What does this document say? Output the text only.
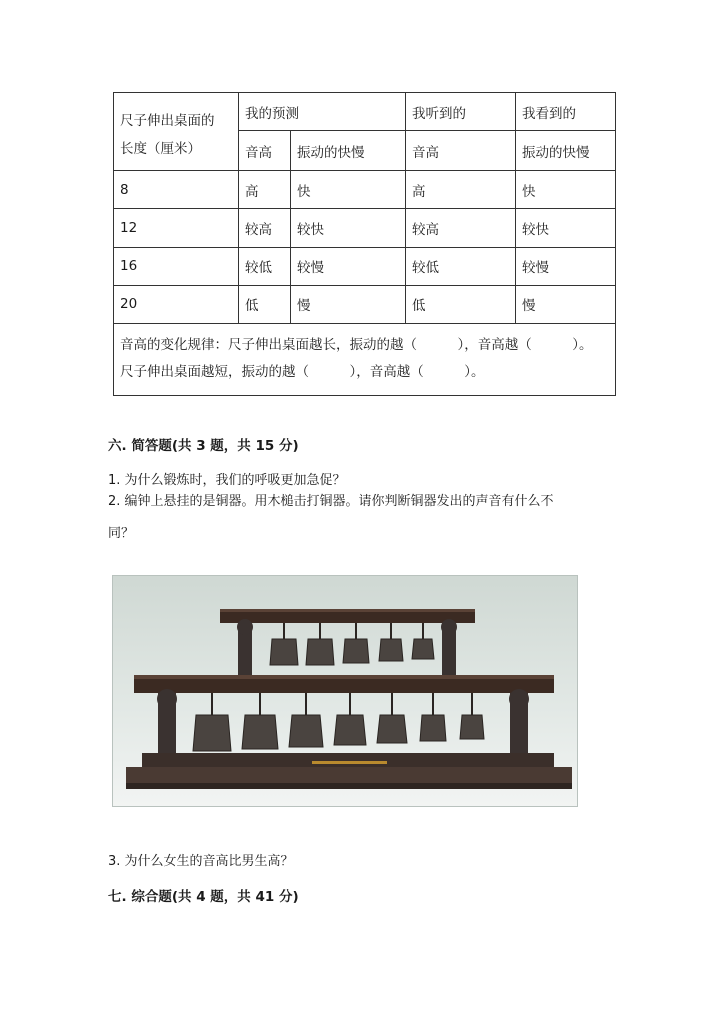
尺子伸出桌面的
长度（厘米）	我的预测		我听到的	我看到的
	音高	振动的快慢	音高	振动的快慢
8	高	快	高	快
12	较高	较快	较高	较快
16	较低	较慢	较低	较慢
20	低	慢	低	慢
音高的变化规律：尺子伸出桌面越长，振动的越（　　　），音高越（　　　）。
尺子伸出桌面越短，振动的越（　　　），音高越（　　　）。				
六. 简答题(共 3 题，共 15 分)
1. 为什么锻炼时，我们的呼吸更加急促？
2. 编钟上悬挂的是铜器。用木槌击打铜器。请你判断铜器发出的声音有什么不
同？
3. 为什么女生的音高比男生高？
七. 综合题(共 4 题，共 41 分)
